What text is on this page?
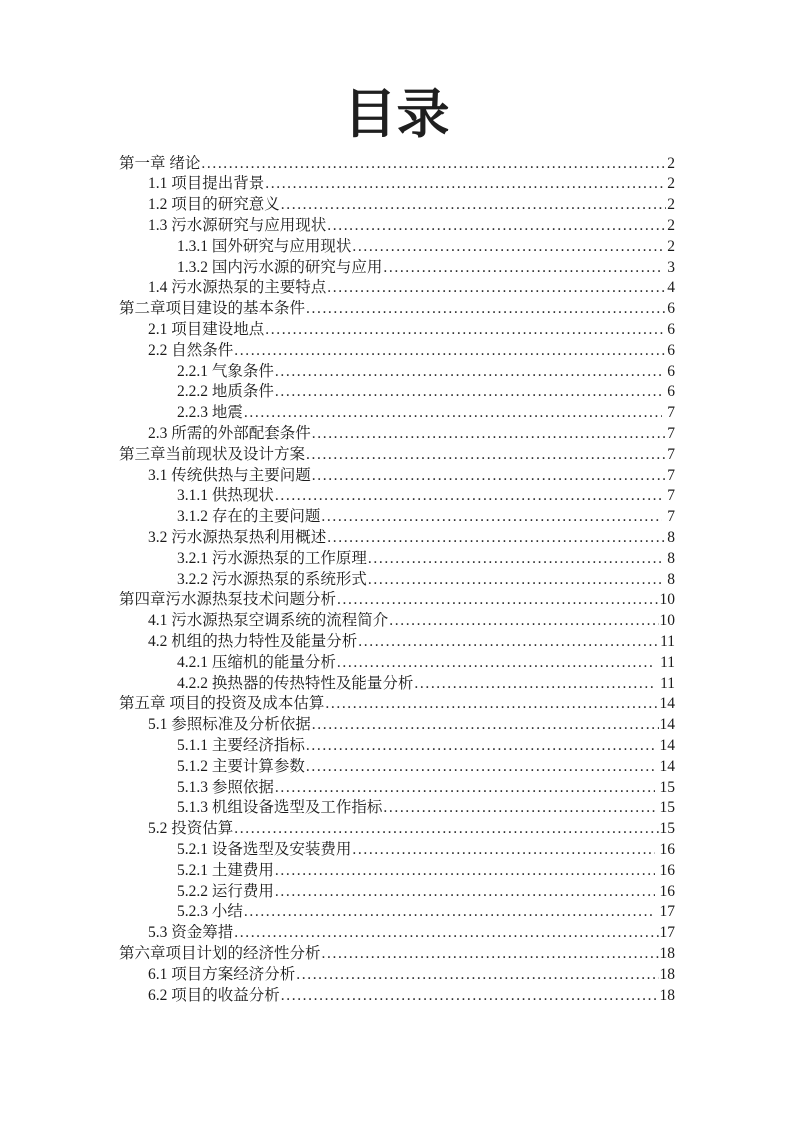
目录
第一章 绪论 .....	2
1.1 项目提出背景 .....	2
1.2 项目的研究意义 .....	2
1.3 污水源研究与应用现状 .....	2
1.3.1 国外研究与应用现状 .....	2
1.3.2 国内污水源的研究与应用 .....	3
1.4 污水源热泵的主要特点 .....	4
第二章项目建设的基本条件 .....	6
2.1 项目建设地点 .....	6
2.2 自然条件 .....	6
2.2.1 气象条件 .....	6
2.2.2 地质条件 .....	6
2.2.3 地震 .....	7
2.3 所需的外部配套条件 .....	7
第三章当前现状及设计方案 .....	7
3.1 传统供热与主要问题 .....	7
3.1.1 供热现状 .....	7
3.1.2 存在的主要问题 .....	7
3.2 污水源热泵热利用概述 .....	8
3.2.1 污水源热泵的工作原理 .....	8
3.2.2 污水源热泵的系统形式 .....	8
第四章污水源热泵技术问题分析 .....	10
4.1 污水源热泵空调系统的流程简介 .....	10
4.2 机组的热力特性及能量分析 .....	11
4.2.1 压缩机的能量分析 .....	11
4.2.2 换热器的传热特性及能量分析 .....	11
第五章 项目的投资及成本估算 .....	14
5.1 参照标准及分析依据 .....	14
5.1.1 主要经济指标 .....	14
5.1.2 主要计算参数 .....	14
5.1.3 参照依据 .....	15
5.1.3 机组设备选型及工作指标 .....	15
5.2 投资估算 .....	15
5.2.1 设备选型及安装费用 .....	16
5.2.1 土建费用 .....	16
5.2.2 运行费用 .....	16
5.2.3 小结 .....	17
5.3 资金筹措 .....	17
第六章项目计划的经济性分析 .....	18
6.1 项目方案经济分析 .....	18
6.2 项目的收益分析 .....	18
